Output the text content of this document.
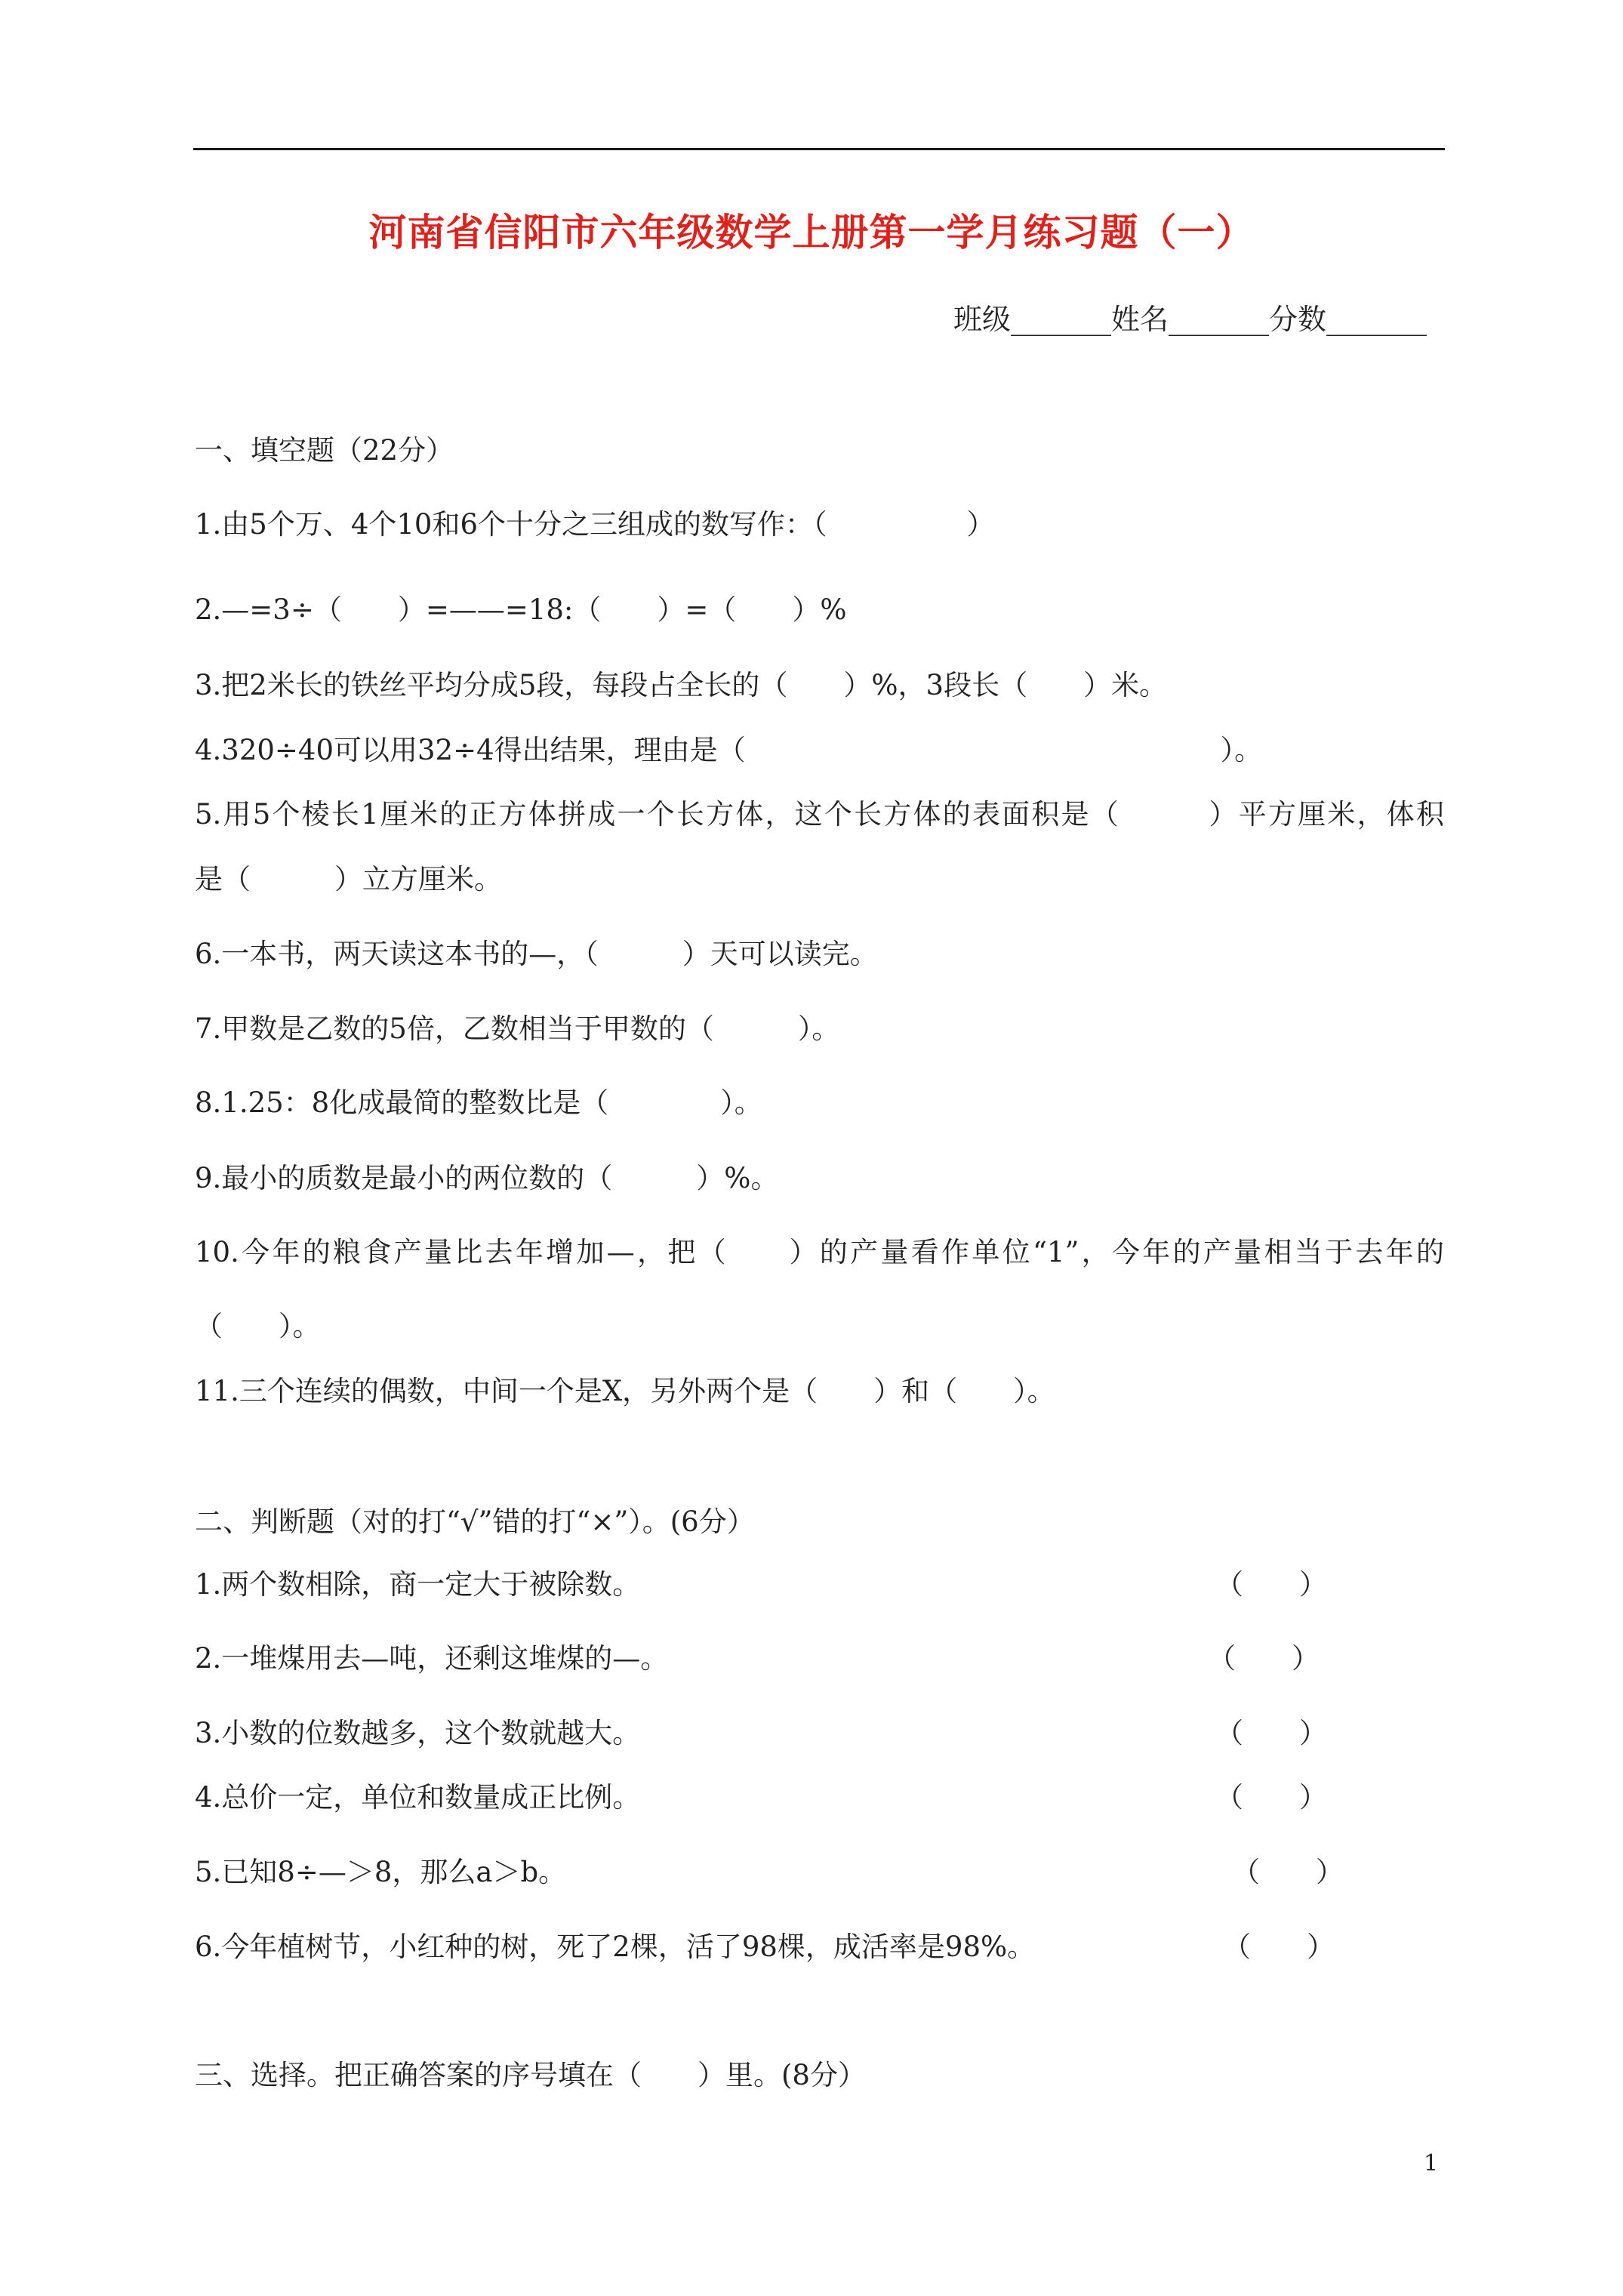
河南省信阳市六年级数学上册第一学月练习题（一）
班级_______姓名_______分数_______
一、填空题（22分）
1.由5个万、4个10和6个十分之三组成的数写作：（　　　　　）
2.—=3÷（　　）=——=18:（　　）=（　　）%
3.把2米长的铁丝平均分成5段，每段占全长的（　　）%，3段长（　　）米。
4.320÷40可以用32÷4得出结果，理由是（　　　　　　　　　　　　　　　　　）。
5.用5个棱长1厘米的正方体拼成一个长方体，这个长方体的表面积是（　　　）平方厘米，体积
是（　　　）立方厘米。
6.一本书，两天读这本书的—，（　　　）天可以读完。
7.甲数是乙数的5倍，乙数相当于甲数的（　　　）。
8.1.25：8化成最简的整数比是（　　　　）。
9.最小的质数是最小的两位数的（　　　）%。
10.今年的粮食产量比去年增加—，把（　　）的产量看作单位“1”，今年的产量相当于去年的
（　　）。
11.三个连续的偶数，中间一个是X，另外两个是（　　）和（　　）。
二、判断题（对的打“√”错的打“×”）。(6分）
1.两个数相除，商一定大于被除数。	（　　）
2.一堆煤用去—吨，还剩这堆煤的—。	（　　）
3.小数的位数越多，这个数就越大。	（　　）
4.总价一定，单位和数量成正比例。	（　　）
5.已知8÷—＞8，那么a＞b。	（　　）
6.今年植树节，小红种的树，死了2棵，活了98棵，成活率是98%。	（　　）
三、选择。把正确答案的序号填在（　　）里。(8分）
1
